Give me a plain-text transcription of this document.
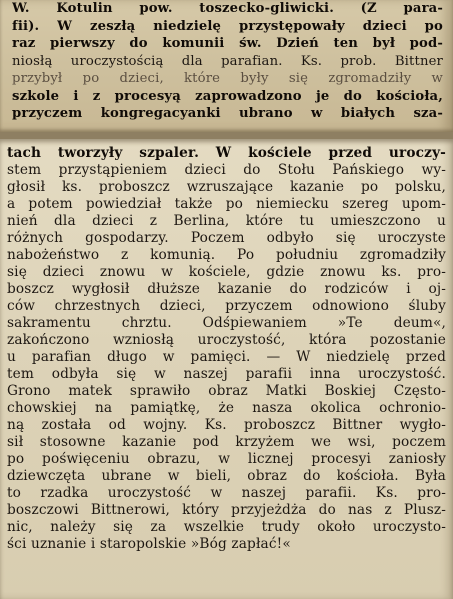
W. Kotulin pow. toszecko-gliwicki. (Z para-
fii). W zeszłą niedzielę przystępowały dzieci po
raz pierwszy do komunii św. Dzień ten był pod-
niosłą uroczystością dla parafian. Ks. prob. Bittner
przybył po dzieci, które były się zgromadziły w
szkole i z procesyą zaprowadzono je do kościoła,
przyczem kongregacyanki ubrano w białych sza-
tach tworzyły szpaler. W kościele przed uroczy-
stem przystąpieniem dzieci do Stołu Pańskiego wy-
głosił ks. proboszcz wzruszające kazanie po polsku,
a potem powiedział także po niemiecku szereg upom-
nień dla dzieci z Berlina, które tu umieszczono u
różnych gospodarzy. Poczem odbyło się uroczyste
nabożeństwo z komunią. Po południu zgromadziły
się dzieci znowu w kościele, gdzie znowu ks. pro-
boszcz wygłosił dłuższe kazanie do rodziców i oj-
ców chrzestnych dzieci, przyczem odnowiono śluby
sakramentu chrztu. Odśpiewaniem »Te deum«,
zakończono wzniosłą uroczystość, która pozostanie
u parafian długo w pamięci. — W niedzielę przed
tem odbyła się w naszej parafii inna uroczystość.
Grono matek sprawiło obraz Matki Boskiej Często-
chowskiej na pamiątkę, że nasza okolica ochronio-
ną została od wojny. Ks. proboszcz Bittner wygło-
sił stosowne kazanie pod krzyżem we wsi, poczem
po poświęceniu obrazu, w licznej procesyi zaniosły
dziewczęta ubrane w bieli, obraz do kościoła. Była
to rzadka uroczystość w naszej parafii. Ks. pro-
boszczowi Bittnerowi, który przyjeżdża do nas z Plusz-
nic, należy się za wszelkie trudy około uroczysto-
ści uznanie i staropolskie »Bóg zapłać!«
